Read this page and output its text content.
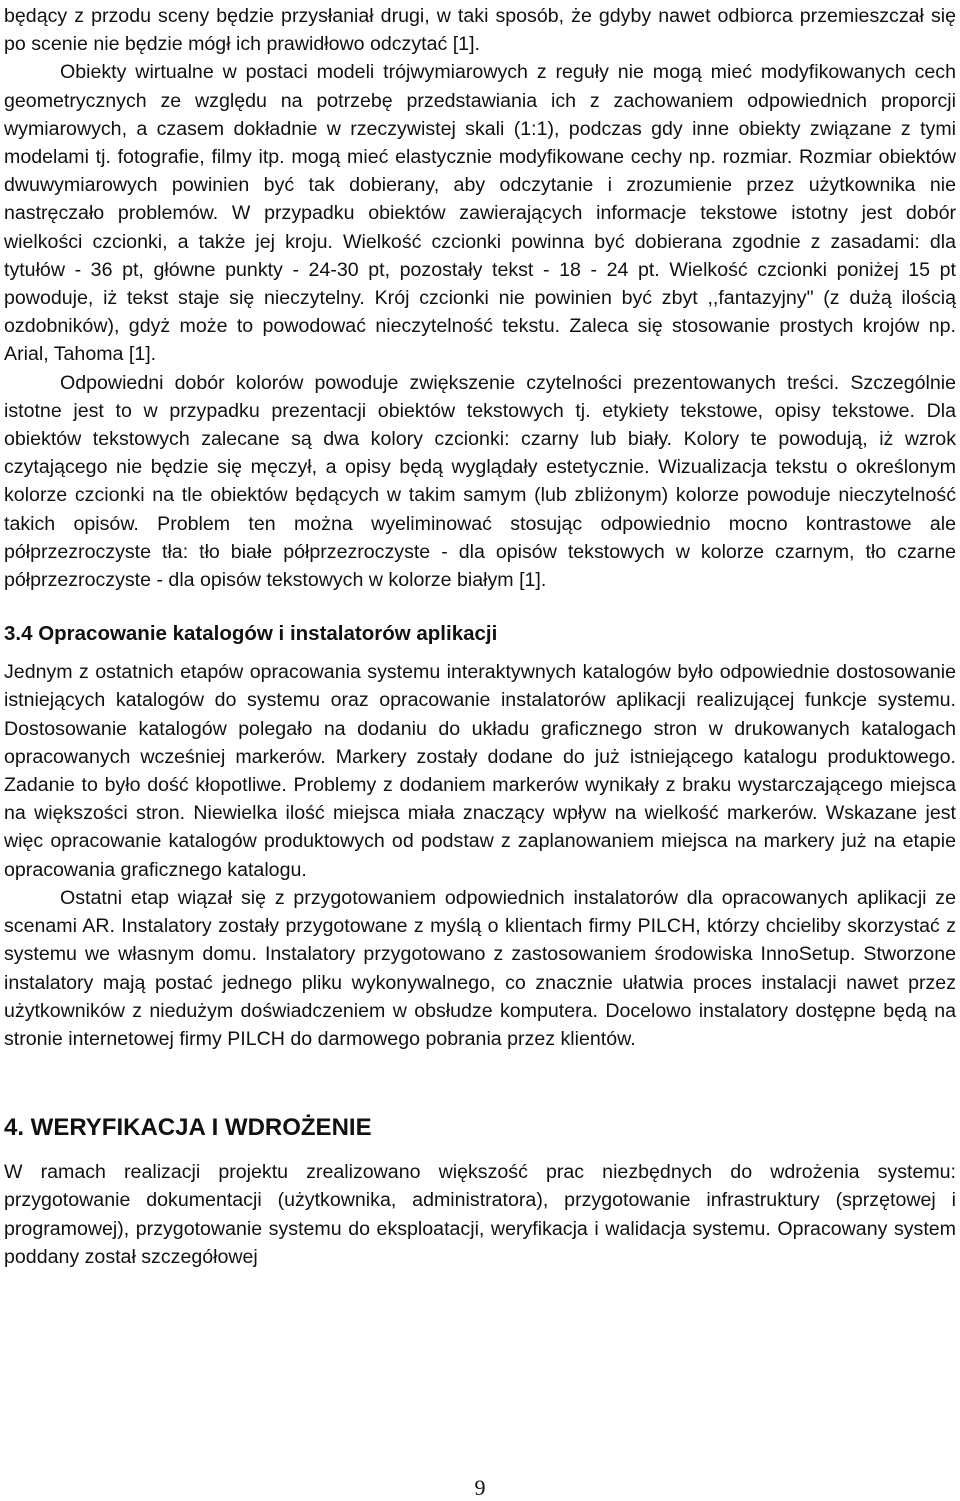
będący z przodu sceny będzie przysłaniał drugi, w taki sposób, że gdyby nawet odbiorca przemieszczał się po scenie nie będzie mógł ich prawidłowo odczytać [1].

Obiekty wirtualne w postaci modeli trójwymiarowych z reguły nie mogą mieć modyfikowanych cech geometrycznych ze względu na potrzebę przedstawiania ich z zachowaniem odpowiednich proporcji wymiarowych, a czasem dokładnie w rzeczywistej skali (1:1), podczas gdy inne obiekty związane z tymi modelami tj. fotografie, filmy itp. mogą mieć elastycznie modyfikowane cechy np. rozmiar. Rozmiar obiektów dwuwymiarowych powinien być tak dobierany, aby odczytanie i zrozumienie przez użytkownika nie nastręczało problemów. W przypadku obiektów zawierających informacje tekstowe istotny jest dobór wielkości czcionki, a także jej kroju. Wielkość czcionki powinna być dobierana zgodnie z zasadami: dla tytułów - 36 pt, główne punkty - 24-30 pt, pozostały tekst - 18 - 24 pt. Wielkość czcionki poniżej 15 pt powoduje, iż tekst staje się nieczytelny. Krój czcionki nie powinien być zbyt ,,fantazyjny" (z dużą ilością ozdobników), gdyż może to powodować nieczytelność tekstu. Zaleca się stosowanie prostych krojów np. Arial, Tahoma [1].

Odpowiedni dobór kolorów powoduje zwiększenie czytelności prezentowanych treści. Szczególnie istotne jest to w przypadku prezentacji obiektów tekstowych tj. etykiety tekstowe, opisy tekstowe. Dla obiektów tekstowych zalecane są dwa kolory czcionki: czarny lub biały. Kolory te powodują, iż wzrok czytającego nie będzie się męczył, a opisy będą wyglądały estetycznie. Wizualizacja tekstu o określonym kolorze czcionki na tle obiektów będących w takim samym (lub zbliżonym) kolorze powoduje nieczytelność takich opisów. Problem ten można wyeliminować stosując odpowiednio mocno kontrastowe ale półprzezroczyste tła: tło białe półprzezroczyste - dla opisów tekstowych w kolorze czarnym, tło czarne półprzezroczyste - dla opisów tekstowych w kolorze białym [1].

3.4 Opracowanie katalogów i instalatorów aplikacji

Jednym z ostatnich etapów opracowania systemu interaktywnych katalogów było odpowiednie dostosowanie istniejących katalogów do systemu oraz opracowanie instalatorów aplikacji realizującej funkcje systemu. Dostosowanie katalogów polegało na dodaniu do układu graficznego stron w drukowanych katalogach opracowanych wcześniej markerów. Markery zostały dodane do już istniejącego katalogu produktowego. Zadanie to było dość kłopotliwe. Problemy z dodaniem markerów wynikały z braku wystarczającego miejsca na większości stron. Niewielka ilość miejsca miała znaczący wpływ na wielkość markerów. Wskazane jest więc opracowanie katalogów produktowych od podstaw z zaplanowaniem miejsca na markery już na etapie opracowania graficznego katalogu.

Ostatni etap wiązał się z przygotowaniem odpowiednich instalatorów dla opracowanych aplikacji ze scenami AR. Instalatory zostały przygotowane z myślą o klientach firmy PILCH, którzy chcieliby skorzystać z systemu we własnym domu. Instalatory przygotowano z zastosowaniem środowiska InnoSetup. Stworzone instalatory mają postać jednego pliku wykonywalnego, co znacznie ułatwia proces instalacji nawet przez użytkowników z niedużym doświadczeniem w obsłudze komputera. Docelowo instalatory dostępne będą na stronie internetowej firmy PILCH do darmowego pobrania przez klientów.

4. WERYFIKACJA I WDROŻENIE

W ramach realizacji projektu zrealizowano większość prac niezbędnych do wdrożenia systemu: przygotowanie dokumentacji (użytkownika, administratora), przygotowanie infrastruktury (sprzętowej i programowej), przygotowanie systemu do eksploatacji, weryfikacja i walidacja systemu. Opracowany system poddany został szczegółowej

9
